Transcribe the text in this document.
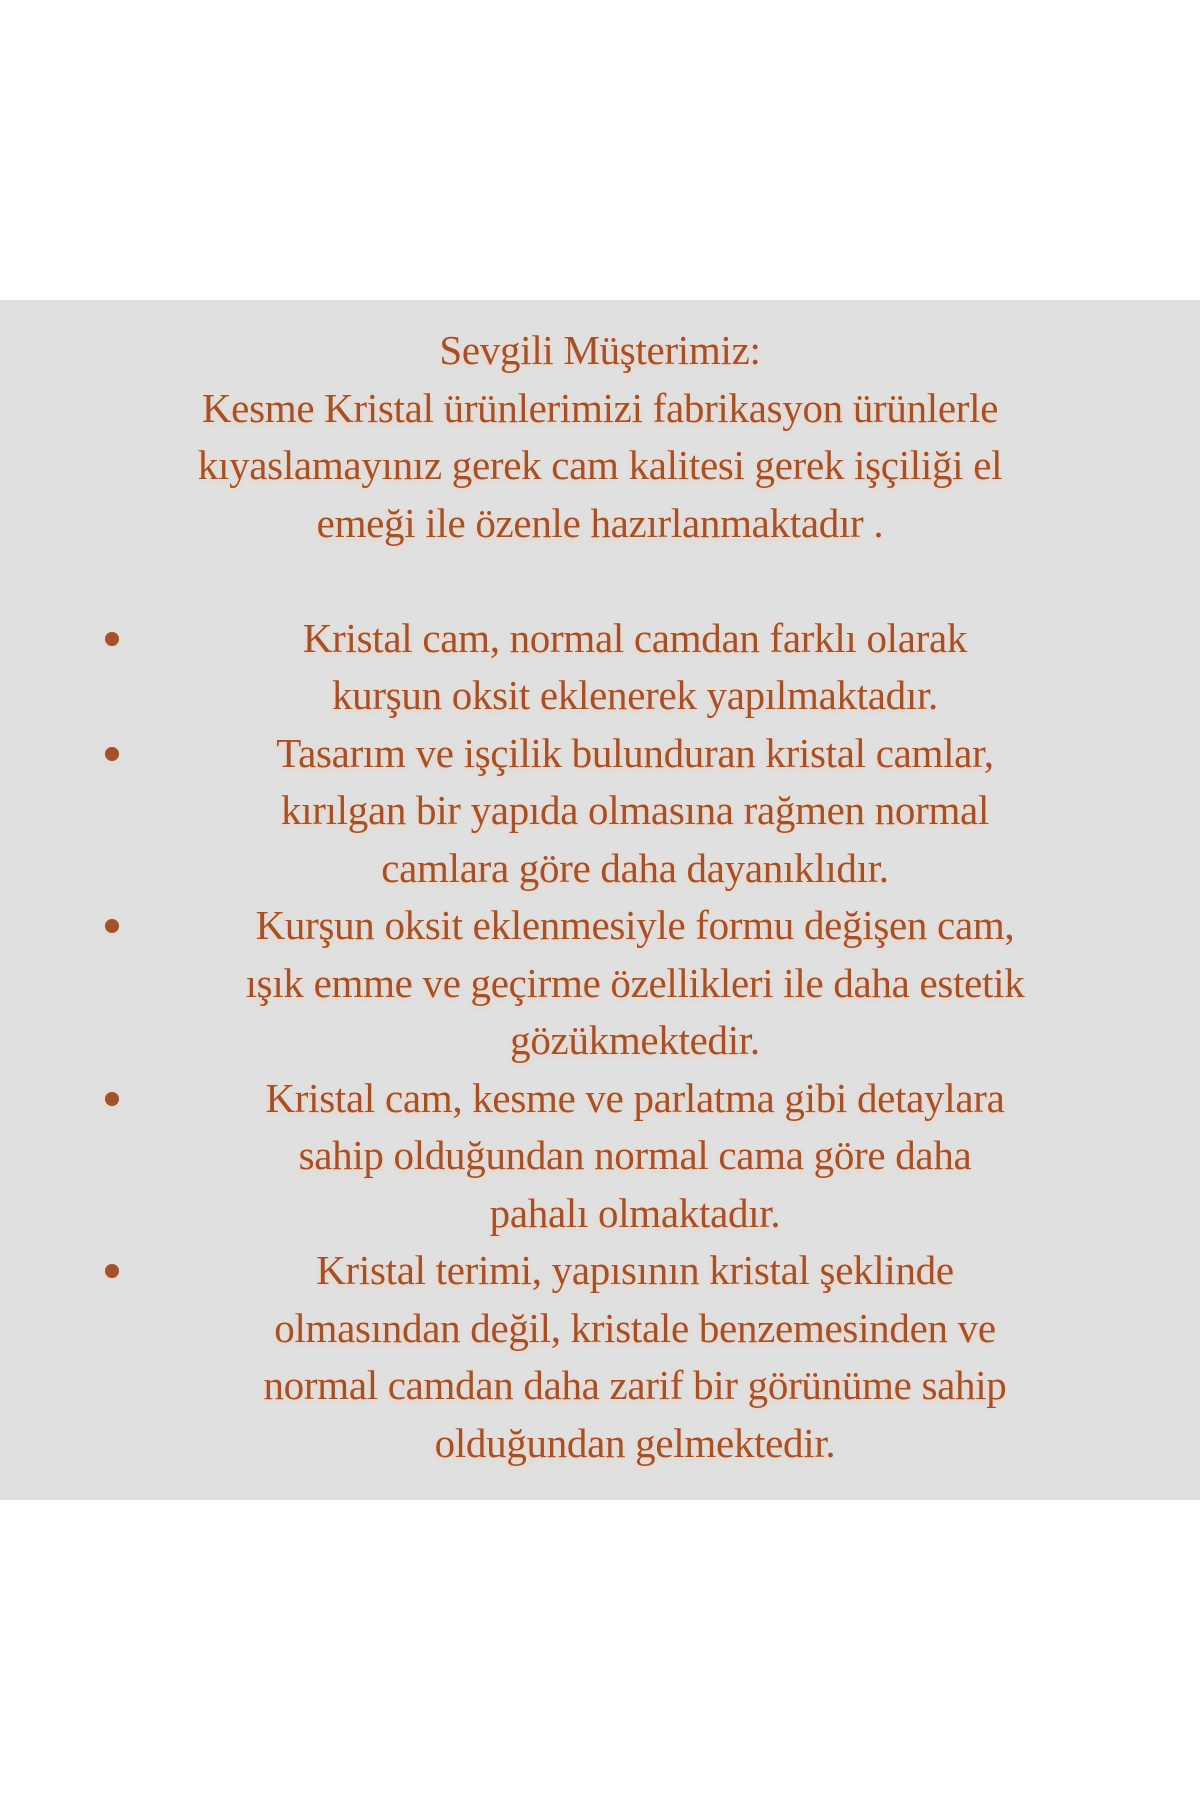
Sevgili Müşterimiz:
Kesme Kristal ürünlerimizi fabrikasyon ürünlerle
kıyaslamayınız gerek cam kalitesi gerek işçiliği el
emeği ile özenle hazırlanmaktadır .

Kristal cam, normal camdan farklı olarak
kurşun oksit eklenerek yapılmaktadır.
Tasarım ve işçilik bulunduran kristal camlar,
kırılgan bir yapıda olmasına rağmen normal
camlara göre daha dayanıklıdır.
Kurşun oksit eklenmesiyle formu değişen cam,
ışık emme ve geçirme özellikleri ile daha estetik
gözükmektedir.
Kristal cam, kesme ve parlatma gibi detaylara
sahip olduğundan normal cama göre daha
pahalı olmaktadır.
Kristal terimi, yapısının kristal şeklinde
olmasından değil, kristale benzemesinden ve
normal camdan daha zarif bir görünüme sahip
olduğundan gelmektedir.
